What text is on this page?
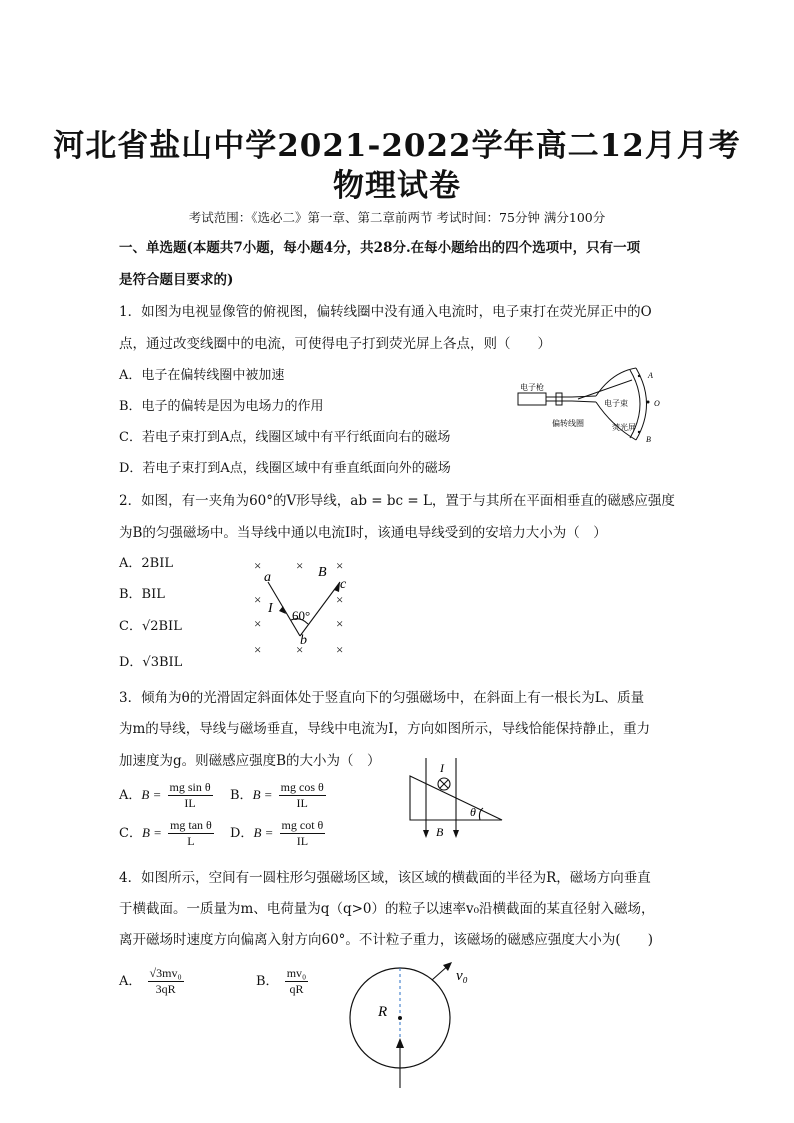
河北省盐山中学2021-2022学年高二12月月考
物理试卷
考试范围：《选必二》第一章、第二章前两节 考试时间：75分钟 满分100分
一、单选题(本题共7小题，每小题4分，共28分.在每小题给出的四个选项中，只有一项
是符合题目要求的)
1．如图为电视显像管的俯视图，偏转线圈中没有通入电流时，电子束打在荧光屏正中的O
点，通过改变线圈中的电流，可使得电子打到荧光屏上各点，则（　　）
A．电子在偏转线圈中被加速
B．电子的偏转是因为电场力的作用
C．若电子束打到A点，线圈区域中有平行纸面向右的磁场
D．若电子束打到A点，线圈区域中有垂直纸面向外的磁场
电子枪
偏转线圈
电子束
荧光屏
A
O
B
2．如图，有一夹角为60°的V形导线，ab = bc = L，置于与其所在平面相垂直的磁感应强度
为B的匀强磁场中。当导线中通以电流I时，该通电导线受到的安培力大小为（　）
A．2BIL
B．BIL
C．√2BIL
D．√3BIL
×	×	×
×	×
×	×
×	×	×
a	B
c
I 60°
b
3．倾角为θ的光滑固定斜面体处于竖直向下的匀强磁场中，在斜面上有一根长为L、质量
为m的导线，导线与磁场垂直，导线中电流为I，方向如图所示，导线恰能保持静止，重力
加速度为g。则磁感应强度B的大小为（　）
A．$B = \frac{\text{mg sin θ}}{IL}$ B．$B = \frac{\text{mg cos θ}}{IL}$
C．$B = \frac{\text{mg tan θ}}{L}$ D．$B = \frac{\text{mg cot θ}}{IL}$
I
θ
B
4．如图所示，空间有一圆柱形匀强磁场区域，该区域的横截面的半径为R，磁场方向垂直
于横截面。一质量为m、电荷量为q（q>0）的粒子以速率v₀沿横截面的某直径射入磁场，
离开磁场时速度方向偏离入射方向60°。不计粒子重力，该磁场的磁感应强度大小为(　　)
A． $\frac{\text{√3mv₀}}{3qR}$	B． $\frac{\text{mv₀}}{qR}$
R
v₀
